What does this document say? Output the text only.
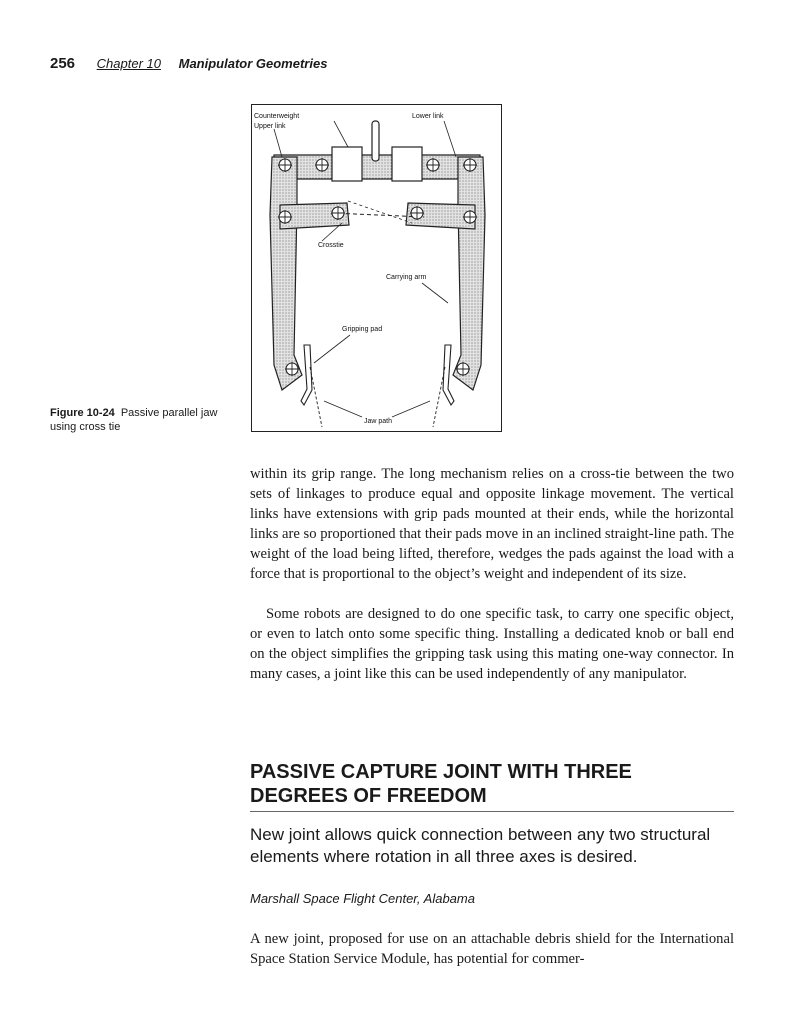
256 Chapter 10 Manipulator Geometries
Counterweight	Lower link
Upper link
Crosstie
Carrying arm
Gripping pad
Jaw path
Figure 10-24 Passive parallel jaw using cross tie

within its grip range. The long mechanism relies on a cross-tie between the two sets of linkages to produce equal and opposite linkage movement. The vertical links have extensions with grip pads mounted at their ends, while the horizontal links are so proportioned that their pads move in an inclined straight-line path. The weight of the load being lifted, therefore, wedges the pads against the load with a force that is proportional to the object’s weight and independent of its size.

Some robots are designed to do one specific task, to carry one specific object, or even to latch onto some specific thing. Installing a dedicated knob or ball end on the object simplifies the gripping task using this mating one-way connector. In many cases, a joint like this can be used independently of any manipulator.

PASSIVE CAPTURE JOINT WITH THREE DEGREES OF FREEDOM
New joint allows quick connection between any two structural elements where rotation in all three axes is desired.
Marshall Space Flight Center, Alabama

A new joint, proposed for use on an attachable debris shield for the International Space Station Service Module, has potential for commer-
